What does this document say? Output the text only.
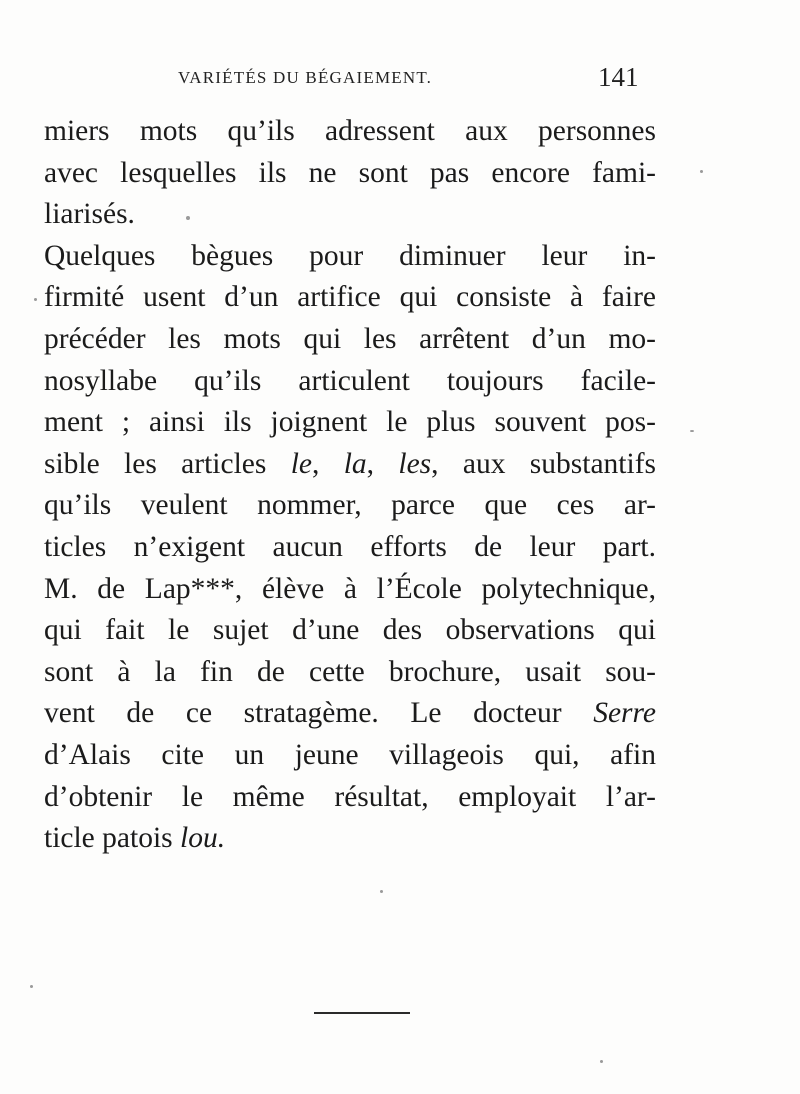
VARIÉTÉS DU BÉGAIEMENT.	141
miers mots qu’ils adressent aux personnes
avec lesquelles ils ne sont pas encore fami-
liarisés.
Quelques bègues pour diminuer leur in-
firmité usent d’un artifice qui consiste à faire
précéder les mots qui les arrêtent d’un mo-
nosyllabe qu’ils articulent toujours facile-
ment ; ainsi ils joignent le plus souvent pos-
sible les articles le, la, les, aux substantifs
qu’ils veulent nommer, parce que ces ar-
ticles n’exigent aucun efforts de leur part.
M. de Lap***, élève à l’École polytechnique,
qui fait le sujet d’une des observations qui
sont à la fin de cette brochure, usait sou-
vent de ce stratagème. Le docteur Serre
d’Alais cite un jeune villageois qui, afin
d’obtenir le même résultat, employait l’ar-
ticle patois lou.
